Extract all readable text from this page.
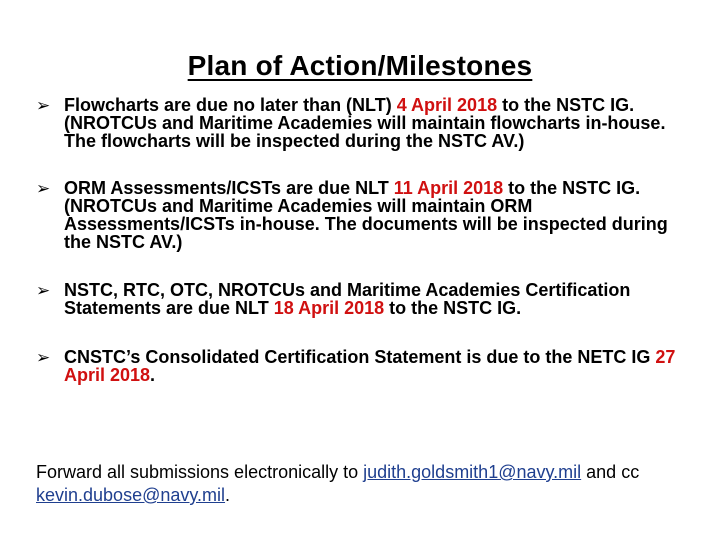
Plan of Action/Milestones
➢ Flowcharts are due no later than (NLT) 4 April 2018 to the NSTC IG. (NROTCUs and Maritime Academies will maintain flowcharts in-house. The flowcharts will be inspected during the NSTC AV.)
➢ ORM Assessments/ICSTs are due NLT 11 April 2018 to the NSTC IG. (NROTCUs and Maritime Academies will maintain ORM Assessments/ICSTs in-house. The documents will be inspected during the NSTC AV.)
➢ NSTC, RTC, OTC, NROTCUs and Maritime Academies Certification Statements are due NLT 18 April 2018 to the NSTC IG.
➢ CNSTC’s Consolidated Certification Statement is due to the NETC IG 27 April 2018.
Forward all submissions electronically to judith.goldsmith1@navy.mil and cc kevin.dubose@navy.mil.
